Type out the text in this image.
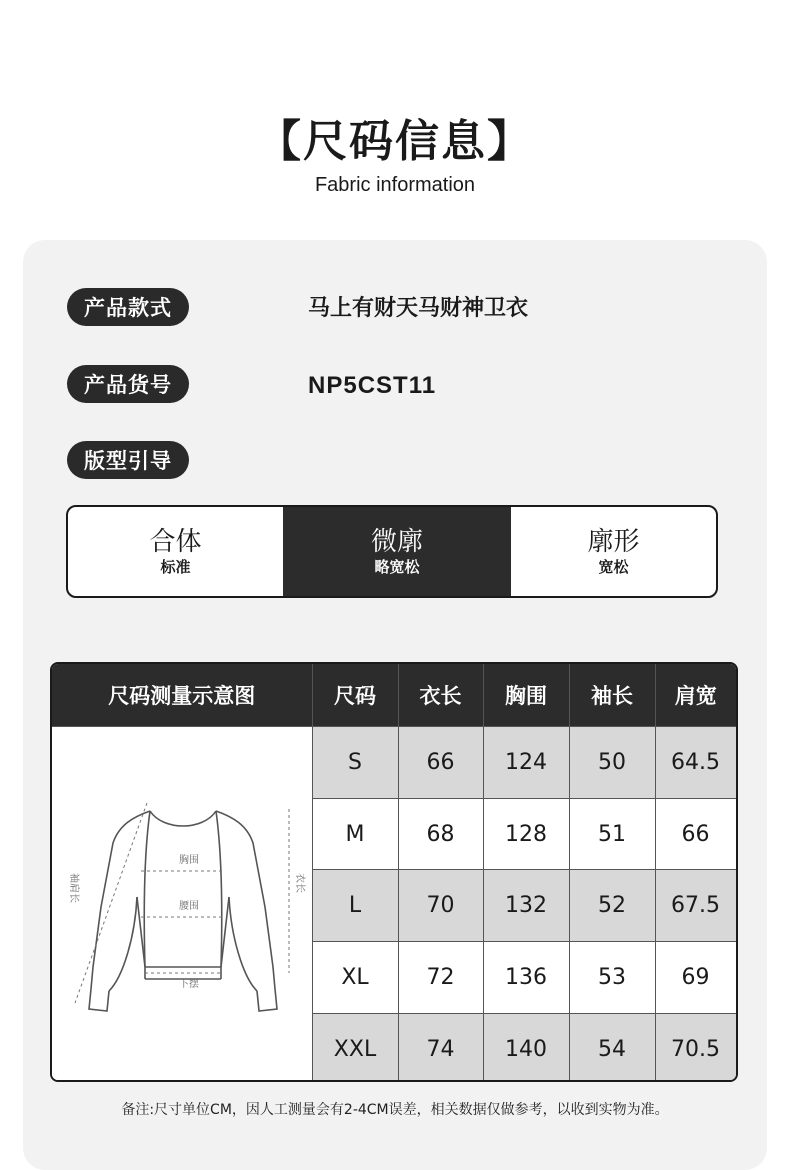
【尺码信息】
Fabric information
产品款式	马上有财天马财神卫衣
产品货号	NP5CST11
版型引导
合体
标准
微廓
略宽松
廓形
宽松
尺码测量示意图	尺码	衣长	胸围	袖长	肩宽

胸围
腰围
下摆
衣长
袖肩长	S	66	124	50	64.5
	M	68	128	51	66
	L	70	132	52	67.5
	XL	72	136	53	69
	XXL	74	140	54	70.5
备注:尺寸单位CM，因人工测量会有2-4CM误差，相关数据仅做参考，以收到实物为准。
